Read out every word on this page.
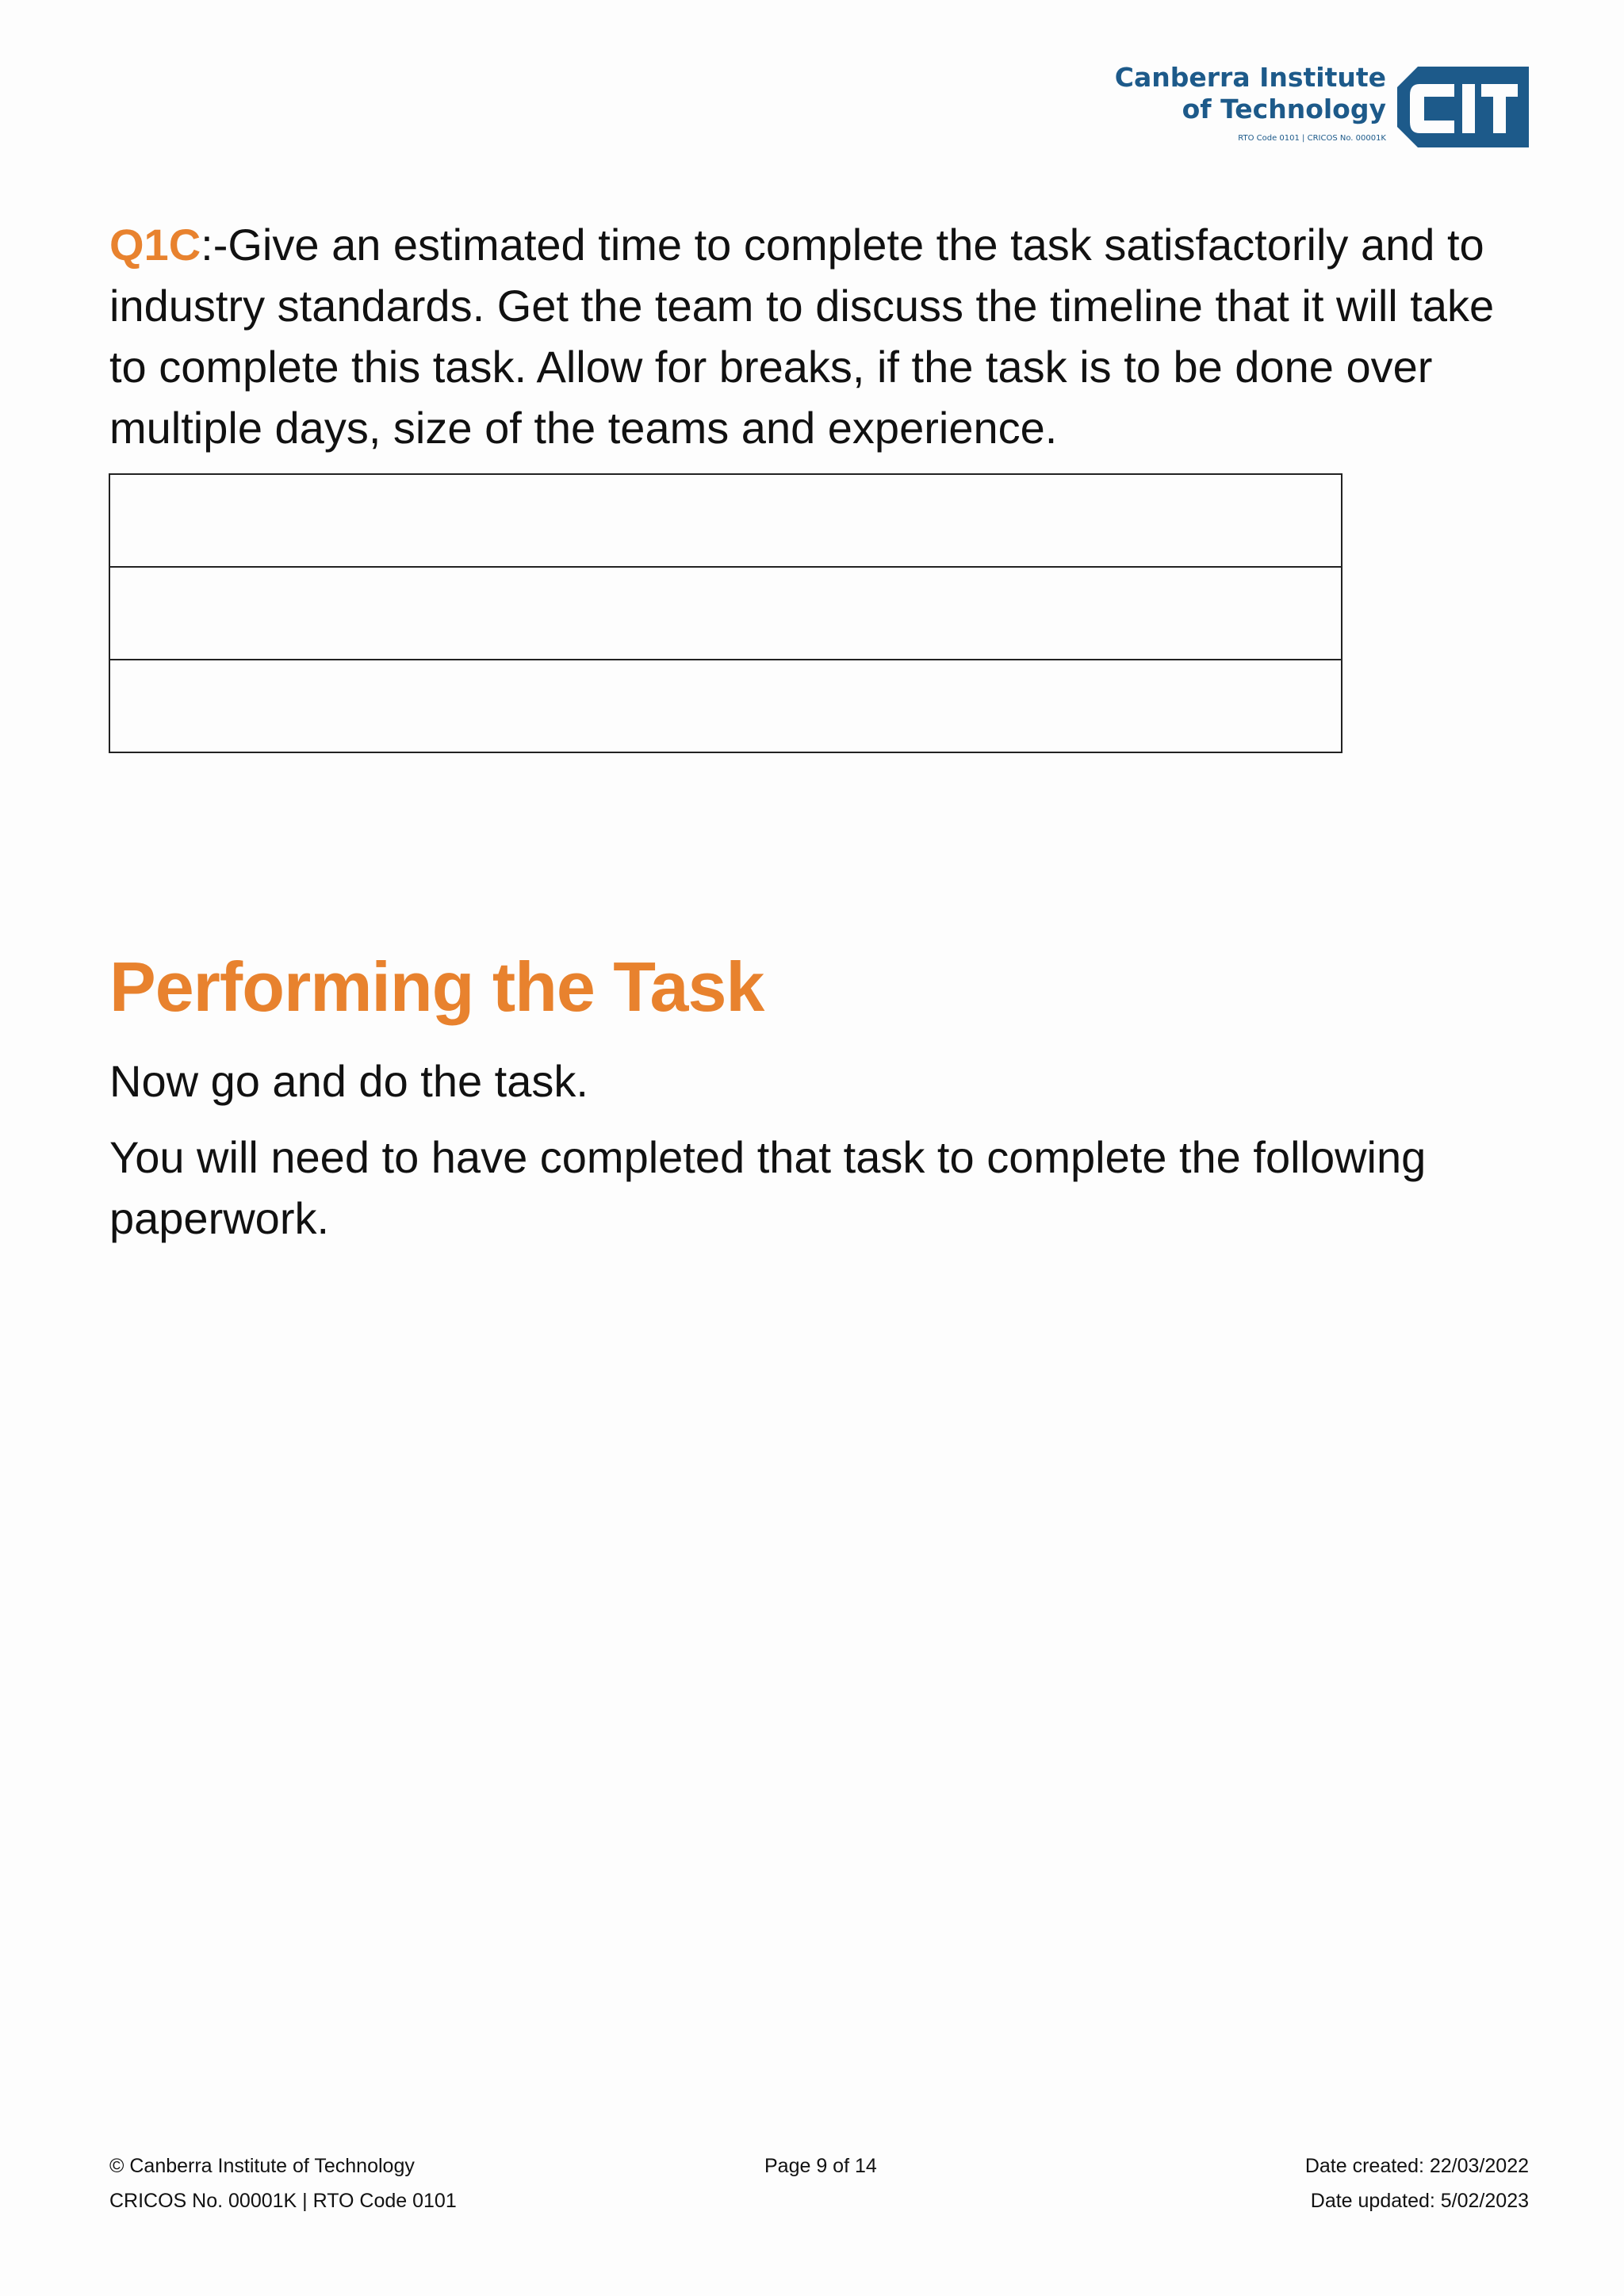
Canberra Institute
of Technology
RTO Code 0101 | CRICOS No. 00001K

Q1C:-Give an estimated time to complete the task satisfactorily and to industry standards. Get the team to discuss the timeline that it will take to complete this task. Allow for breaks, if the task is to be done over multiple days, size of the teams and experience.

Performing the Task

Now go and do the task.

You will need to have completed that task to complete the following paperwork.

© Canberra Institute of Technology
CRICOS No. 00001K | RTO Code 0101
Page 9 of 14	Date created: 22/03/2022
Date updated: 5/02/2023
